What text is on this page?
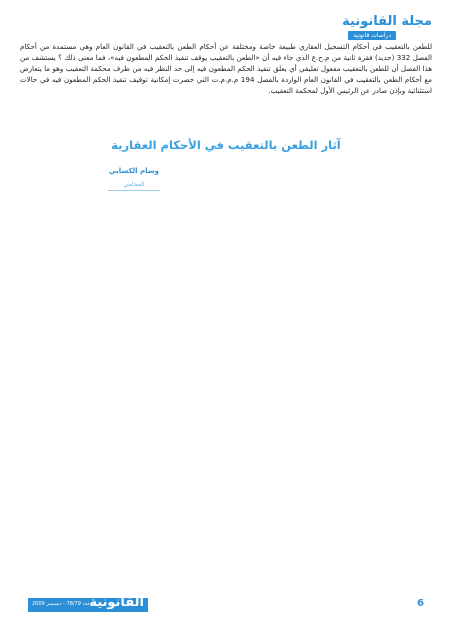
مجلة القانونية
دراسات قانونية
للطعن بالتعقيب في أحكام التسجيل العقاري طبيعة خاصة ومختلفة عن أحكام الطعن بالتعقيب في القانون العام وهي مستمدة من أحكام الفصل 332 (جديد) فقرة ثانية من م.ح.ع الذي جاء فيه أن «الطعن بالتعقيب يوقف تنفيذ الحكم المطعون فيه»، فما معنى ذلك ؟ يستشف من هذا الفصل أن للطعن بالتعقيب مفعول تعليقي أي يعلق تنفيذ الحكم المطعون فيه إلى حد النظر فيه من طرف محكمة التعقيب وهو ما يتعارض مع أحكام الطعن بالتعقيب في القانون العام الواردة بالفصل 194 م.م.م.ت التي حصرت إمكانية توقيف تنفيذ الحكم المطعون فيه في حالات استثنائية وبإذن صادر عن الرئيس الأول لمحكمة التعقيب.
آثار الطعن بالتعقيب في الأحكام العقارية
وسام الكسابي
المحامي
عدد 78/79 - ديسمبر 2009
القانونية	6
